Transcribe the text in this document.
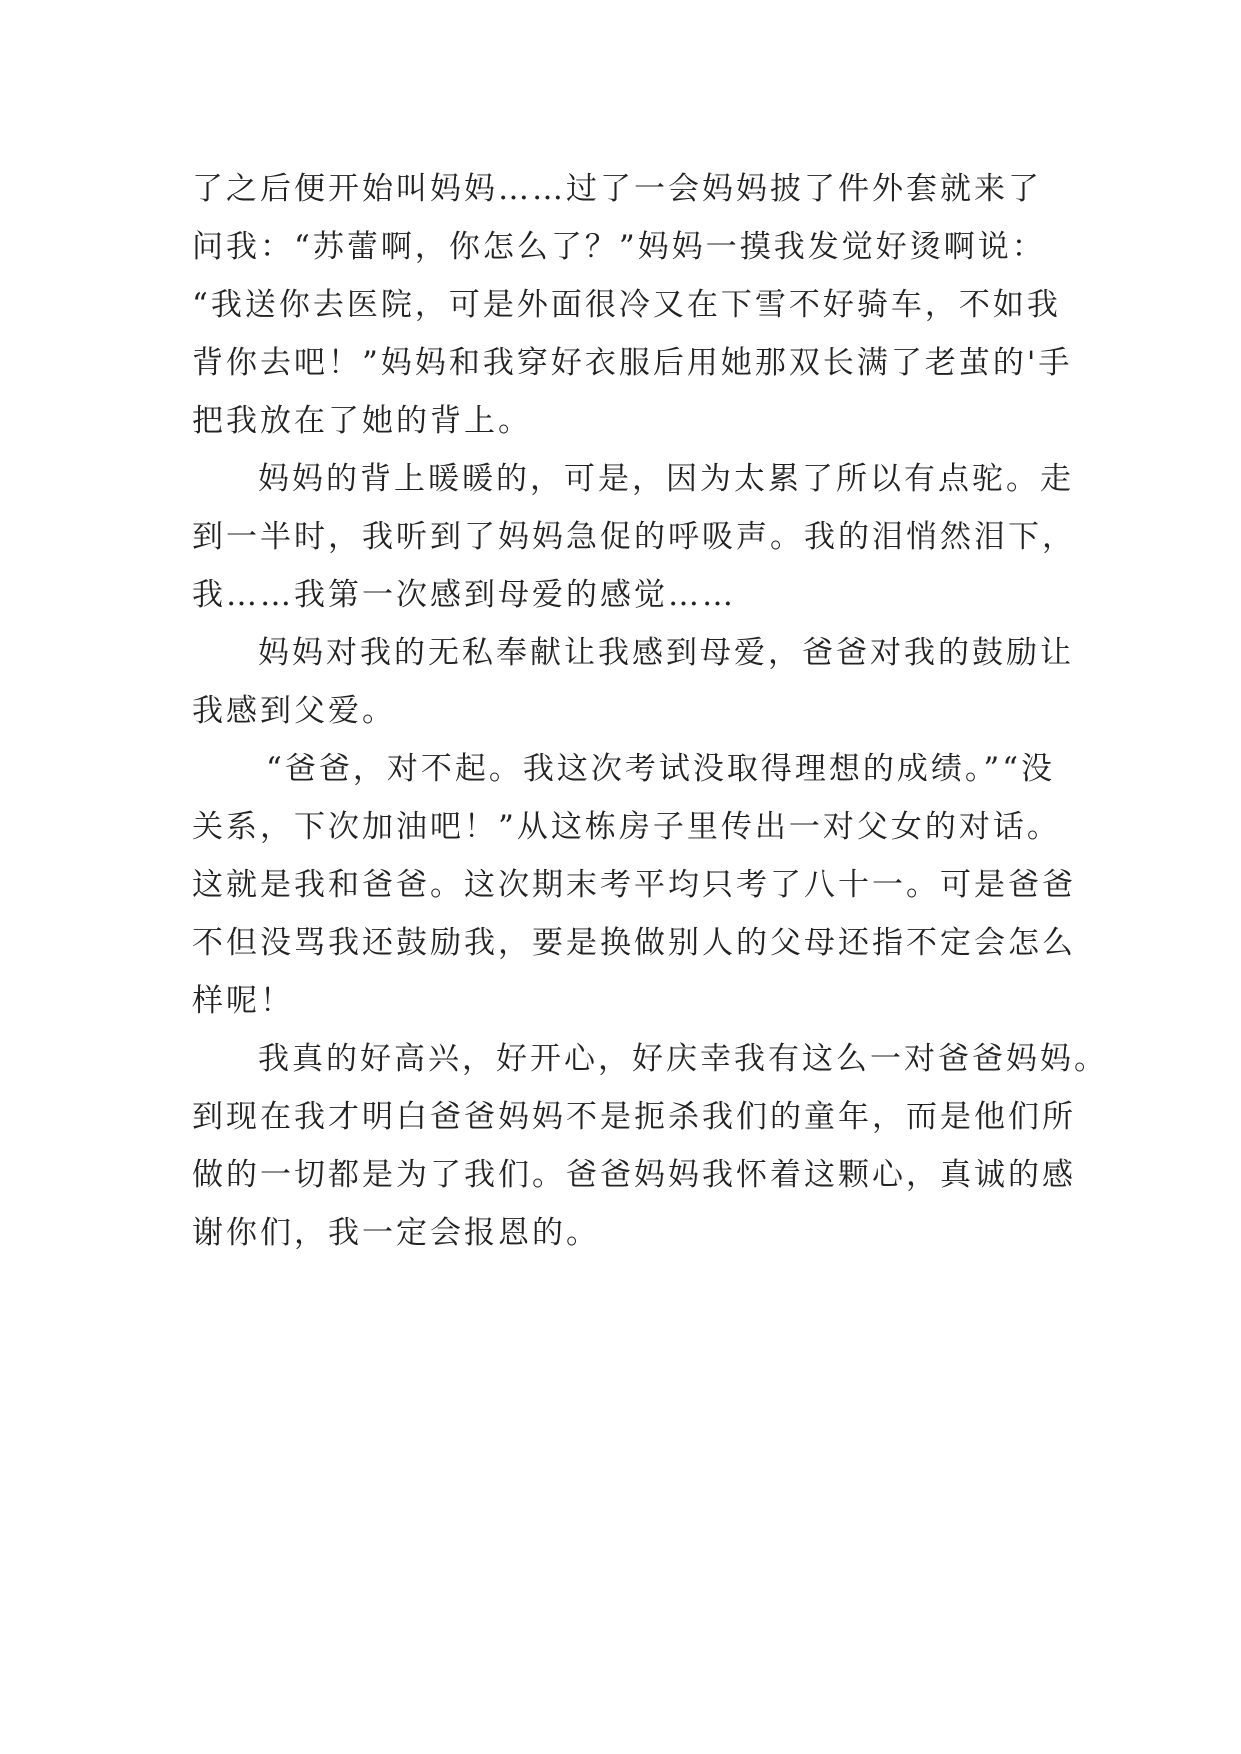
了之后便开始叫妈妈……过了一会妈妈披了件外套就来了
问我：“苏蕾啊，你怎么了？”妈妈一摸我发觉好烫啊说：
“我送你去医院，可是外面很冷又在下雪不好骑车，不如我
背你去吧！”妈妈和我穿好衣服后用她那双长满了老茧的'手
把我放在了她的背上。
妈妈的背上暖暖的，可是，因为太累了所以有点驼。走
到一半时，我听到了妈妈急促的呼吸声。我的泪悄然泪下，
我……我第一次感到母爱的感觉……
妈妈对我的无私奉献让我感到母爱，爸爸对我的鼓励让
我感到父爱。
“爸爸，对不起。我这次考试没取得理想的成绩。”“没
关系，下次加油吧！”从这栋房子里传出一对父女的对话。
这就是我和爸爸。这次期末考平均只考了八十一。可是爸爸
不但没骂我还鼓励我，要是换做别人的父母还指不定会怎么
样呢！
我真的好高兴，好开心，好庆幸我有这么一对爸爸妈妈。
到现在我才明白爸爸妈妈不是扼杀我们的童年，而是他们所
做的一切都是为了我们。爸爸妈妈我怀着这颗心，真诚的感
谢你们，我一定会报恩的。
